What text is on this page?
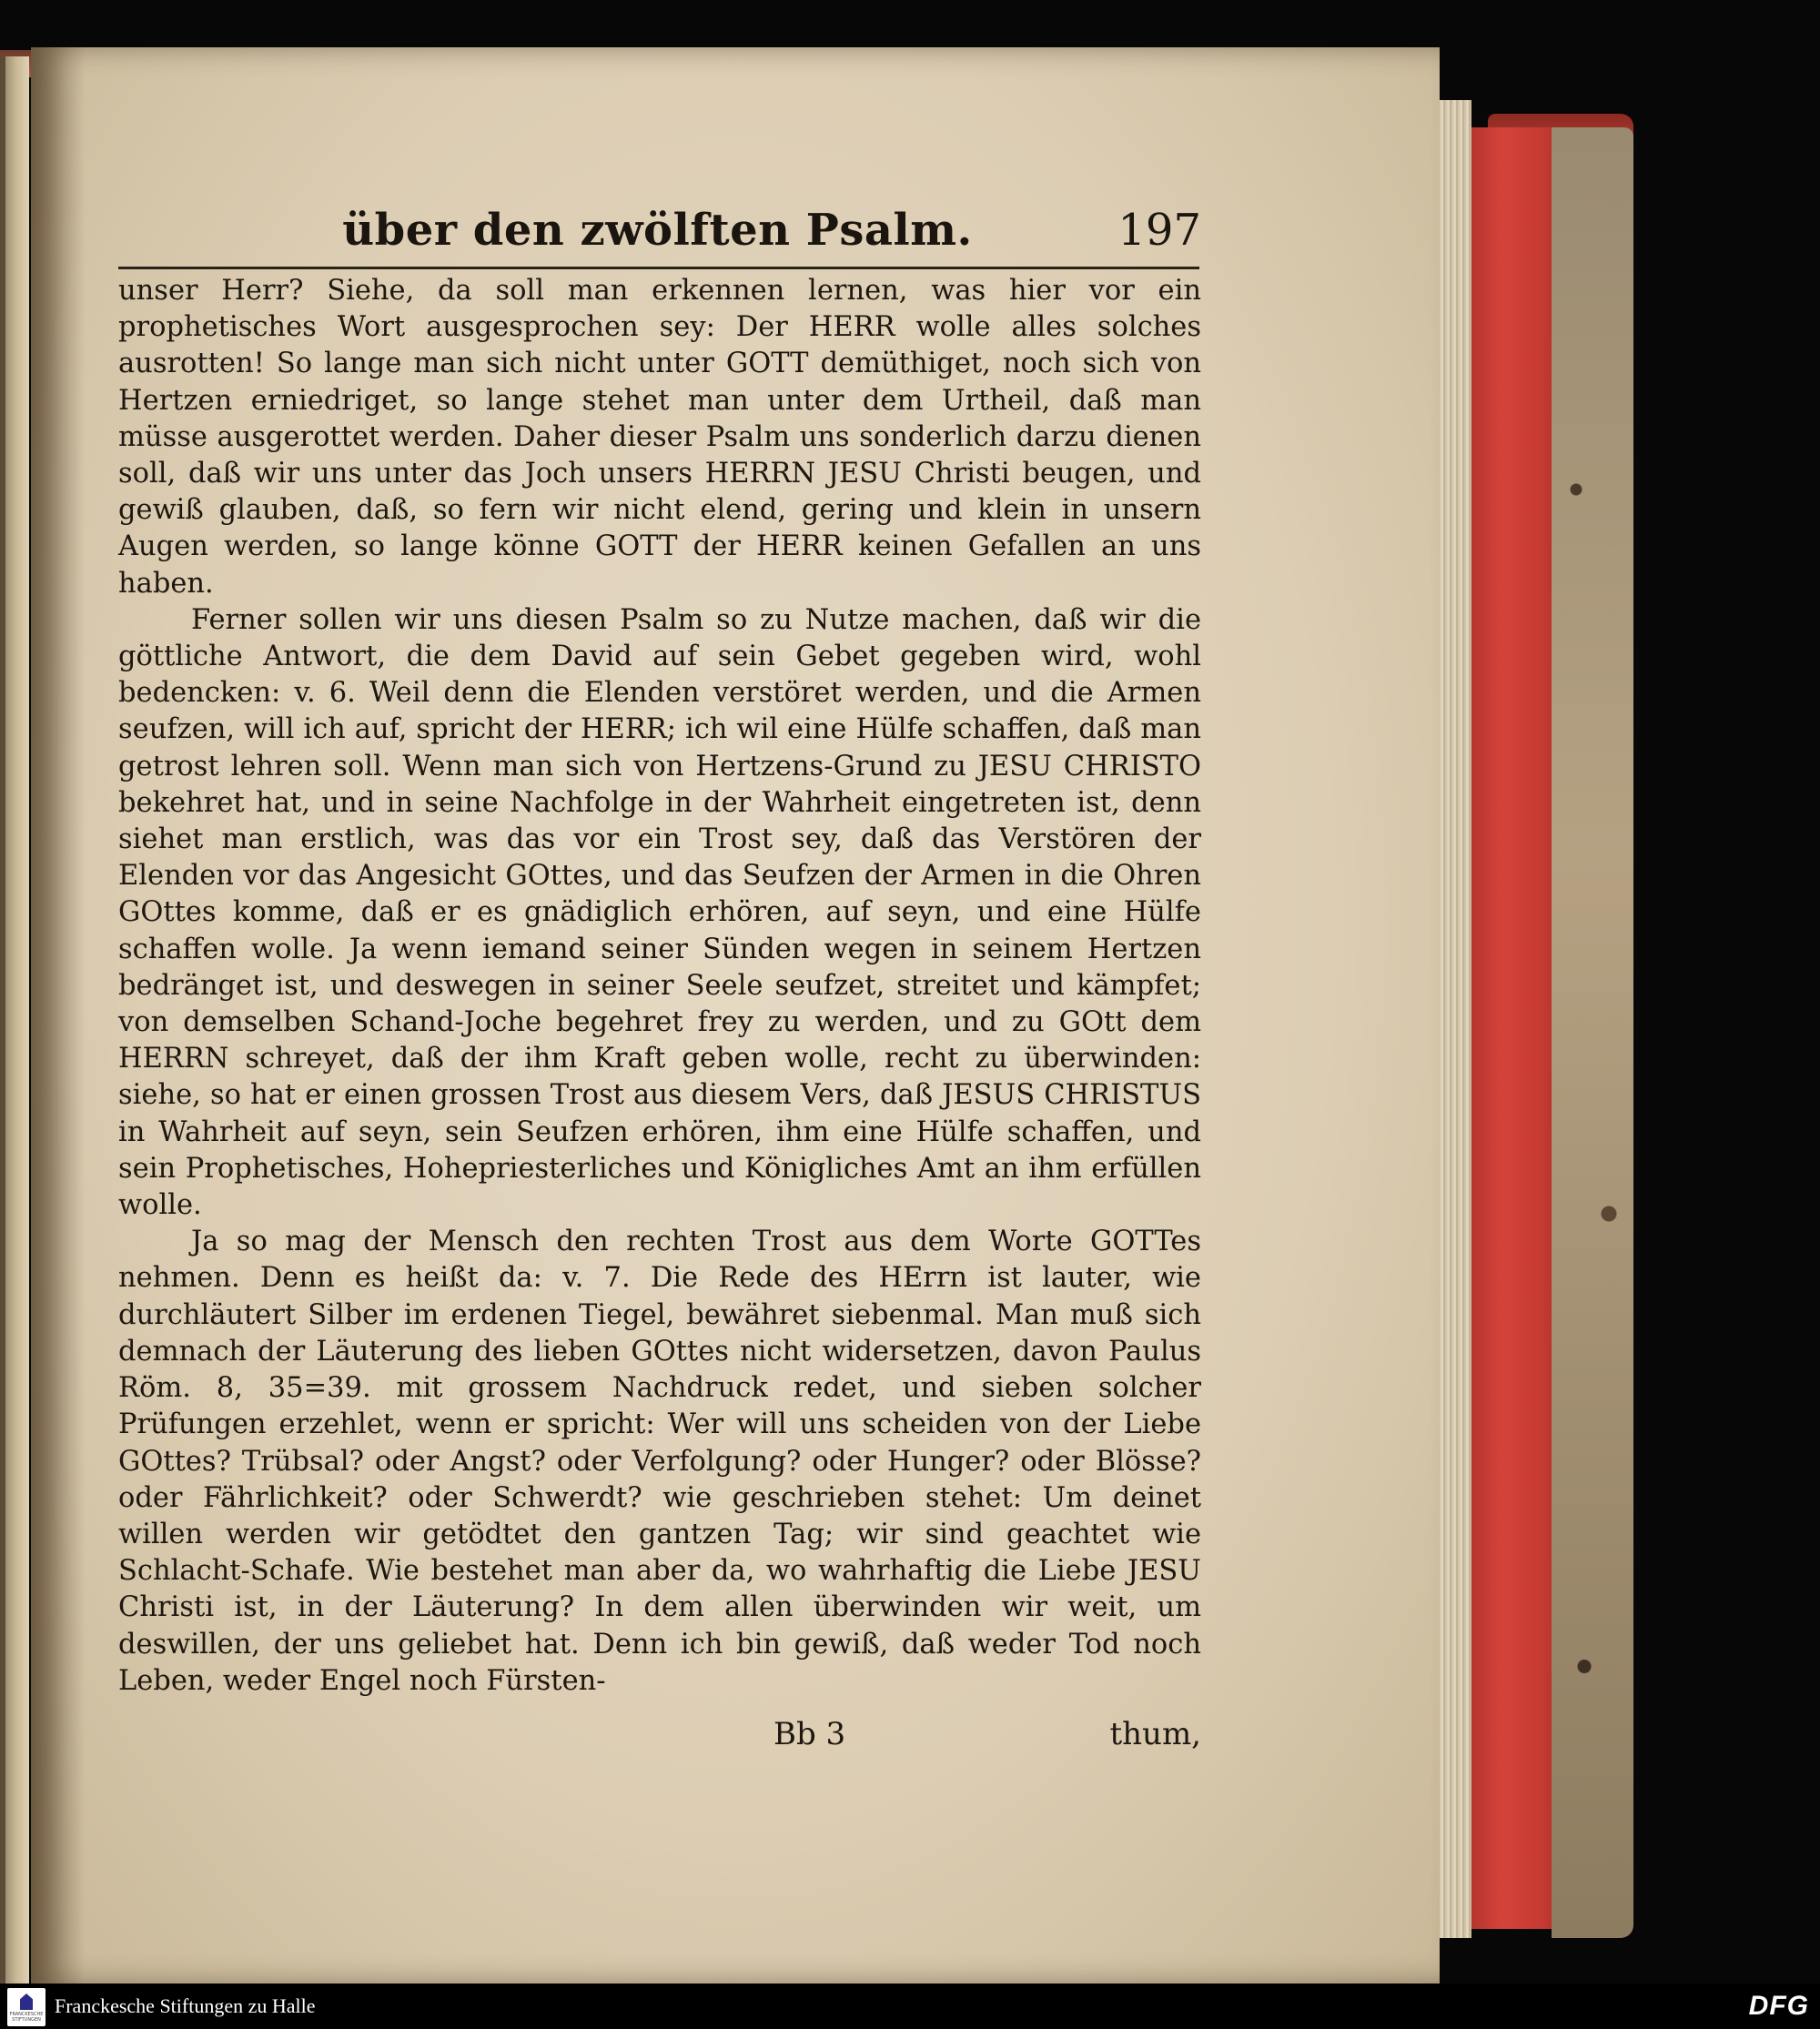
über den zwölften Psalm.	197

unser Herr? Siehe, da soll man erkennen lernen, was hier vor ein prophetisches Wort ausgesprochen sey: Der HERR wolle alles solches ausrotten! So lange man sich nicht unter GOTT demüthiget, noch sich von Hertzen erniedriget, so lange stehet man unter dem Urtheil, daß man müsse ausgerottet werden. Daher dieser Psalm uns sonderlich darzu dienen soll, daß wir uns unter das Joch unsers HERRN JESU Christi beugen, und gewiß glauben, daß, so fern wir nicht elend, gering und klein in unsern Augen werden, so lange könne GOTT der HERR keinen Gefallen an uns haben.

Ferner sollen wir uns diesen Psalm so zu Nutze machen, daß wir die göttliche Antwort, die dem David auf sein Gebet gegeben wird, wohl bedencken: v. 6. Weil denn die Elenden verstöret werden, und die Armen seufzen, will ich auf, spricht der HERR; ich wil eine Hülfe schaffen, daß man getrost lehren soll. Wenn man sich von Hertzens-Grund zu JESU CHRISTO bekehret hat, und in seine Nachfolge in der Wahrheit eingetreten ist, denn siehet man erstlich, was das vor ein Trost sey, daß das Verstören der Elenden vor das Angesicht GOttes, und das Seufzen der Armen in die Ohren GOttes komme, daß er es gnädiglich erhören, auf seyn, und eine Hülfe schaffen wolle. Ja wenn iemand seiner Sünden wegen in seinem Hertzen bedränget ist, und deswegen in seiner Seele seufzet, streitet und kämpfet; von demselben Schand-Joche begehret frey zu werden, und zu GOtt dem HERRN schreyet, daß der ihm Kraft geben wolle, recht zu überwinden: siehe, so hat er einen grossen Trost aus diesem Vers, daß JESUS CHRISTUS in Wahrheit auf seyn, sein Seufzen erhören, ihm eine Hülfe schaffen, und sein Prophetisches, Hohepriesterliches und Königliches Amt an ihm erfüllen wolle.

Ja so mag der Mensch den rechten Trost aus dem Worte GOTTes nehmen. Denn es heißt da: v. 7. Die Rede des HErrn ist lauter, wie durchläutert Silber im erdenen Tiegel, bewähret siebenmal. Man muß sich demnach der Läuterung des lieben GOttes nicht widersetzen, davon Paulus Röm. 8, 35=39. mit grossem Nachdruck redet, und sieben solcher Prüfungen erzehlet, wenn er spricht: Wer will uns scheiden von der Liebe GOttes? Trübsal? oder Angst? oder Verfolgung? oder Hunger? oder Blösse? oder Fährlichkeit? oder Schwerdt? wie geschrieben stehet: Um deinet willen werden wir getödtet den gantzen Tag; wir sind geachtet wie Schlacht-Schafe. Wie bestehet man aber da, wo wahrhaftig die Liebe JESU Christi ist, in der Läuterung? In dem allen überwinden wir weit, um deswillen, der uns geliebet hat. Denn ich bin gewiß, daß weder Tod noch Leben, weder Engel noch Fürsten-

Bb 3	thum,
FRANCKESCHE STIFTUNGEN
Franckesche Stiftungen zu Halle	DFG
